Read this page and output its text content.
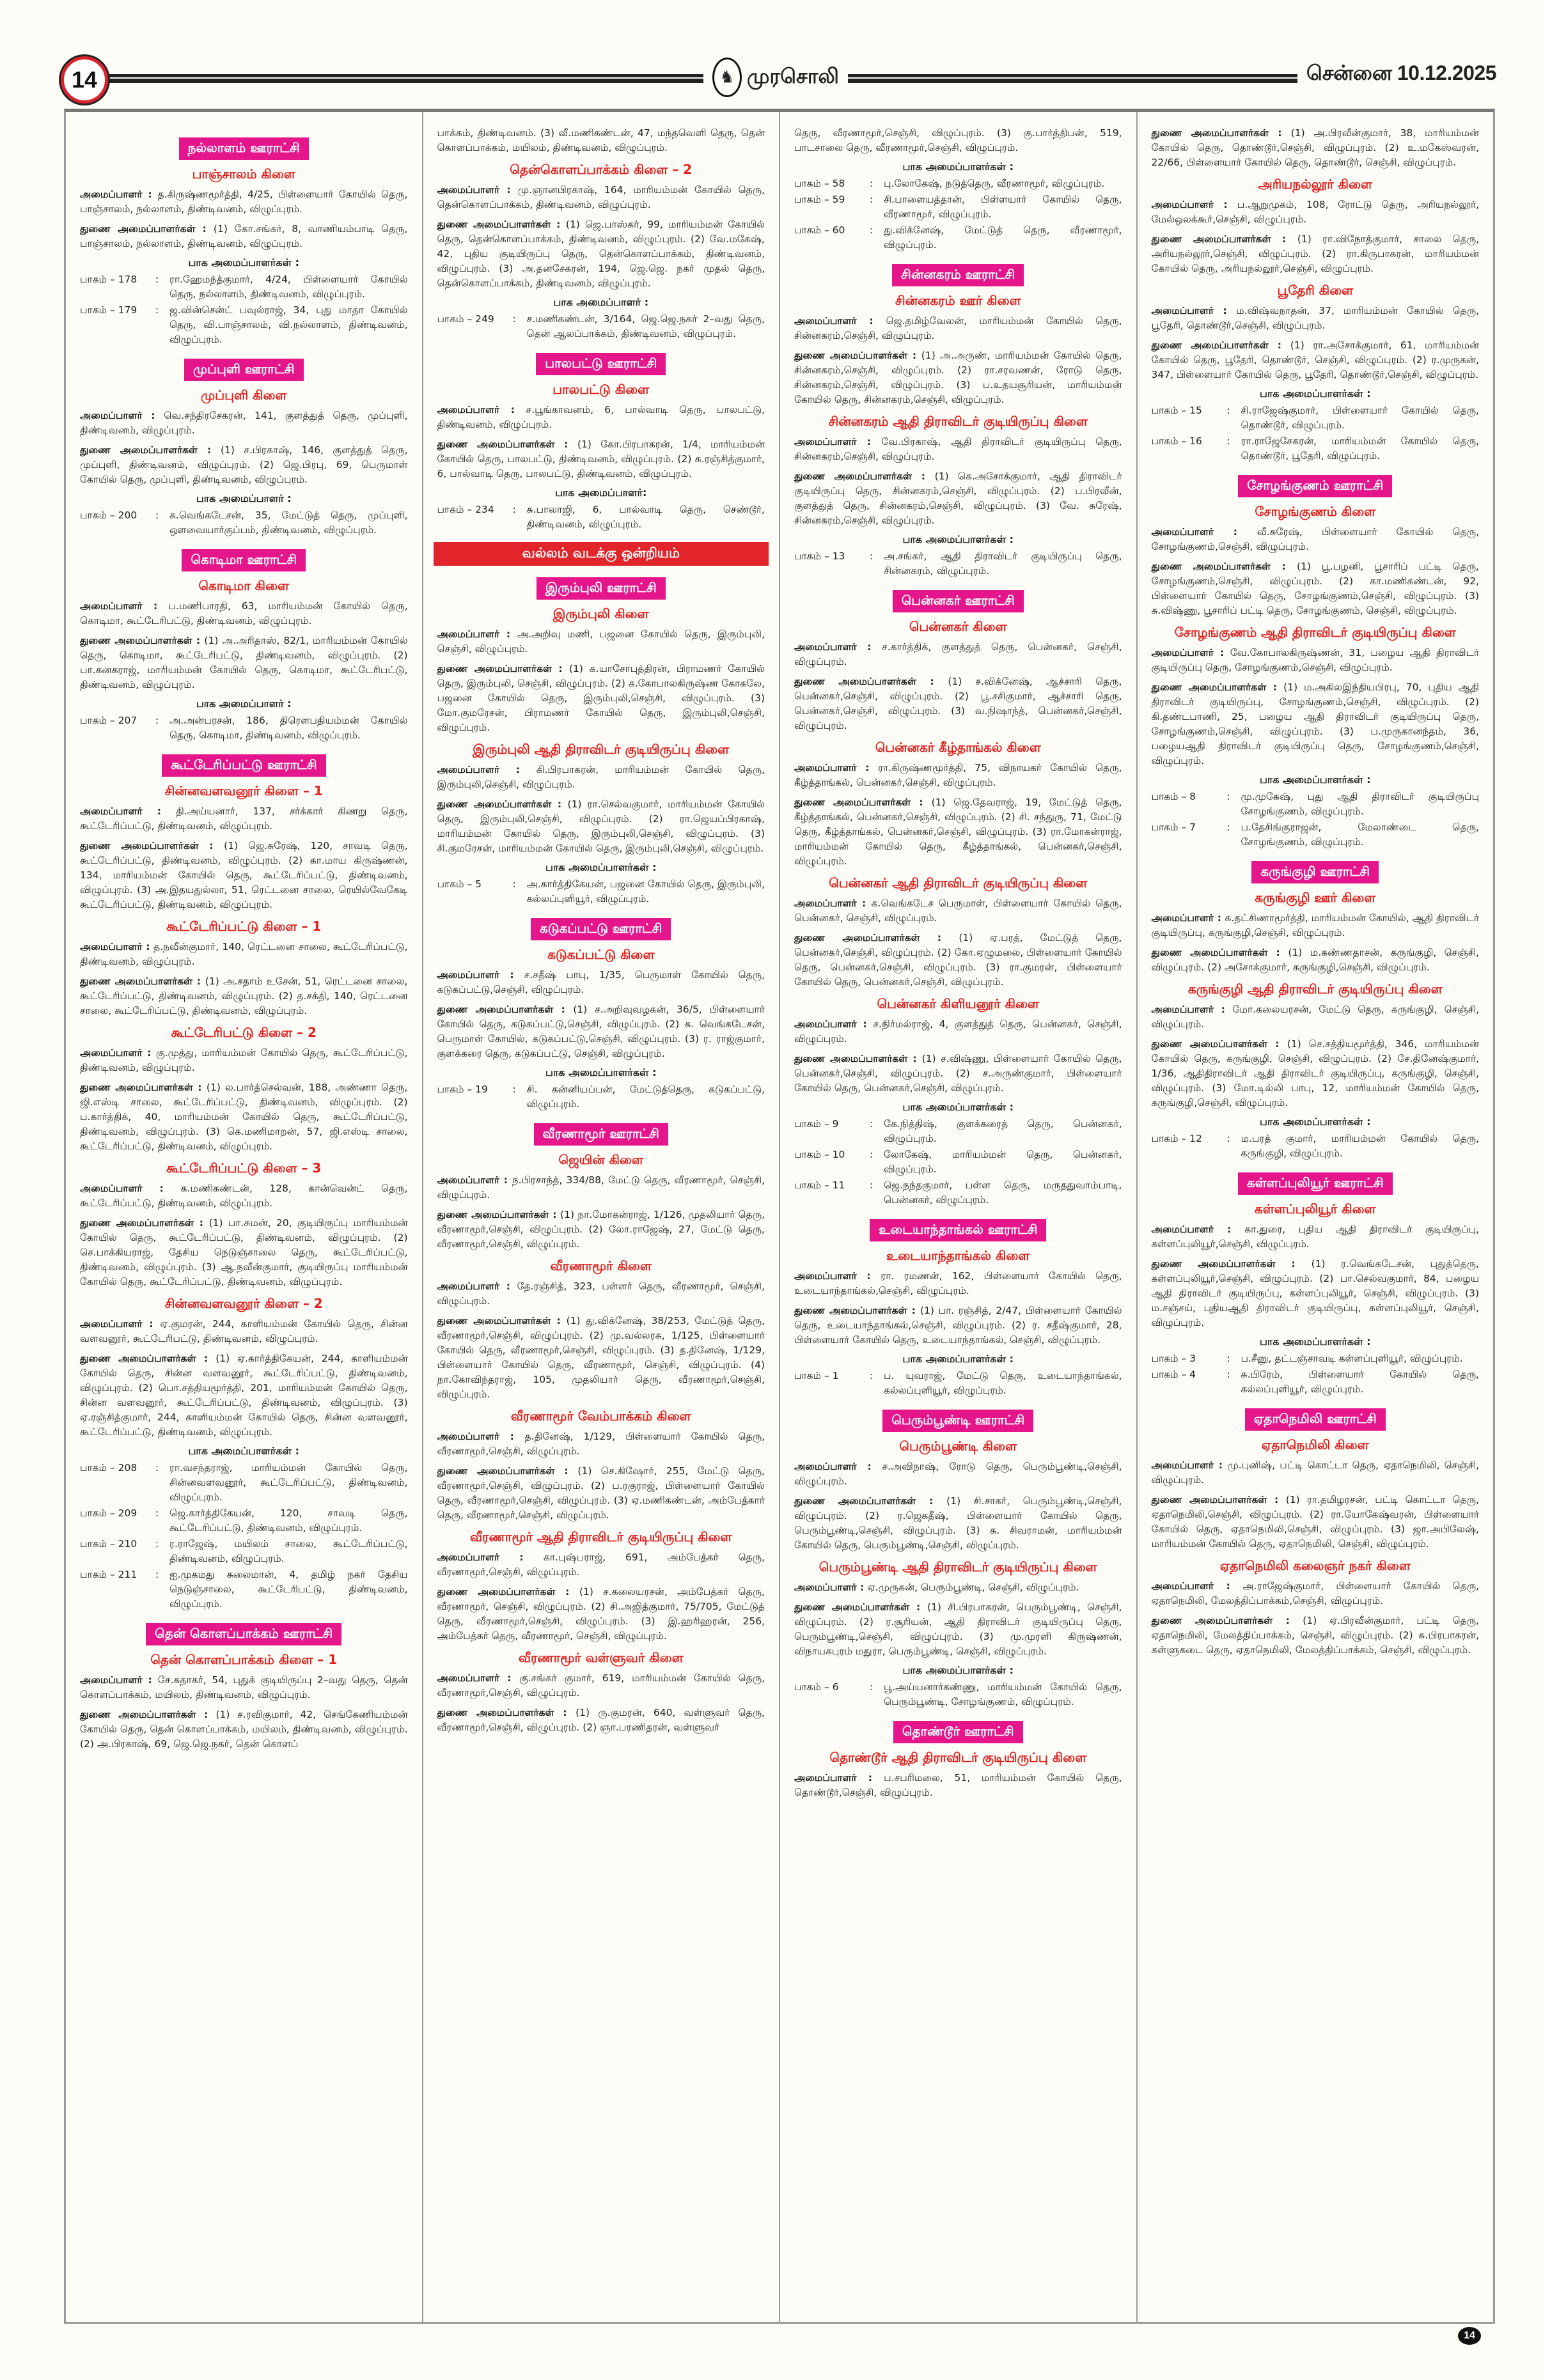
14	♞ முரசொலி	சென்னை 10.12.2025
நல்லாளம் ஊராட்சி
பாஞ்சாலம் கிளை
அமைப்பாளர் : த.கிருஷ்ணமூர்த்தி, 4/25, பிள்ளையார் கோயில் தெரு, பாஞ்சாலம், நல்லாளம், திண்டிவனம், விழுப்புரம்.
துணை அமைப்பாளர்கள் : (1) கோ.சங்கர், 8, வாணியம்பாடி தெரு, பாஞ்சாலம், நல்லாளம், திண்டிவனம், விழுப்புரம்.
பாக அமைப்பாளர்கள் :
பாகம் – 178	:	ரா.ஹேமந்த்குமார், 4/24, பிள்ளையார் கோயில் தெரு, நல்லாளம், திண்டிவனம், விழுப்புரம்.
பாகம் – 179	:	ஜ.வின்சென்ட் பவுல்ராஜ், 34, புது மாதா கோயில் தெரு, வி.பாஞ்சாலம், வி.நல்லாளம், திண்டிவனம், விழுப்புரம்.
முப்புளி ஊராட்சி
முப்புளி கிளை
அமைப்பாளர் : வெ.சந்திரசேகரன், 141, குளத்துத் தெரு, முப்புளி, திண்டிவனம், விழுப்புரம்.
துணை அமைப்பாளர்கள் : (1) ச.பிரகாஷ், 146, குளத்துத் தெரு, முப்புளி, திண்டிவனம், விழுப்புரம். (2) ஜெ.பிரபு, 69, பெருமாள் கோயில் தெரு, முப்புளி, திண்டிவனம், விழுப்புரம்.
பாக அமைப்பாளர் :
பாகம் – 200	:	க.வெங்கடேசன், 35, மேட்டுத் தெரு, முப்புளி, ஔவையார்குப்பம், திண்டிவனம், விழுப்புரம்.
கொடிமா ஊராட்சி
கொடிமா கிளை
அமைப்பாளர் : ப.மணிபாரதி, 63, மாரியம்மன் கோயில் தெரு, கொடிமா, கூட்டேரிபட்டு, திண்டிவனம், விழுப்புரம்.
துணை அமைப்பாளர்கள் : (1) அ.அரிதாஸ், 82/1, மாரியம்மன் கோயில் தெரு, கொடிமா, கூட்டேரிபட்டு, திண்டிவனம், விழுப்புரம். (2) பா.கனகராஜ், மாரியம்மன் கோயில் தெரு, கொடிமா, கூட்டேரிபட்டு, திண்டிவனம், விழுப்புரம்.
பாக அமைப்பாளர் :
பாகம் – 207	:	அ.அன்பரசன், 186, திரௌபதியம்மன் கோயில் தெரு, கொடிமா, திண்டிவனம், விழுப்புரம்.
கூட்டேரிப்பட்டு ஊராட்சி
சின்னவளவனூர் கிளை – 1
அமைப்பாளர் : தி.அய்யனார், 137, சர்க்கார் கிணறு தெரு, கூட்டேரிப்பட்டு, திண்டிவனம், விழுப்புரம்.
துணை அமைப்பாளர்கள் : (1) ஜெ.சுரேஷ், 120, சாவடி தெரு, கூட்டேரிப்பட்டு, திண்டிவனம், விழுப்புரம். (2) கா.மாய கிருஷ்ணன், 134, மாரியம்மன் கோயில் தெரு, கூட்டேரிப்பட்டு, திண்டிவனம், விழுப்புரம். (3) அ.இதயதுல்லா, 51, ரெட்டனை சாலை, ரெயில்வேகேடி கூட்டேரிப்பட்டு, திண்டிவனம், விழுப்புரம்.
கூட்டேரிப்பட்டு கிளை – 1
அமைப்பாளர் : த.நவீன்குமார், 140, ரெட்டனை சாலை, கூட்டேரிப்பட்டு, திண்டிவனம், விழுப்புரம்.
துணை அமைப்பாளர்கள் : (1) அ.சதாம் உசேன், 51, ரெட்டனை சாலை, கூட்டேரிப்பட்டு, திண்டிவனம், விழுப்புரம். (2) த.சக்தி, 140, ரெட்டனை சாலை, கூட்டேரிப்பட்டு, திண்டிவனம், விழுப்புரம்.
கூட்டேரிபட்டு கிளை – 2
அமைப்பாளர் : கு.முத்து, மாரியம்மன் கோயில் தெரு, கூட்டேரிப்பட்டு, திண்டிவனம், விழுப்புரம்.
துணை அமைப்பாளர்கள் : (1) ல.பார்த்செல்வன், 188, அண்ணா தெரு, ஜி.எஸ்டி சாலை, கூட்டேரிப்பட்டு, திண்டிவனம், விழுப்புரம். (2) ப.கார்த்திக், 40, மாரியம்மன் கோயில் தெரு, கூட்டேரிப்பட்டு, திண்டிவனம், விழுப்புரம். (3) கெ.மணிமாறன், 57, ஜி.எஸ்டி சாலை, கூட்டேரிப்பட்டு, திண்டிவனம், விழுப்புரம்.
கூட்டேரிப்பட்டு கிளை – 3
அமைப்பாளர் : க.மணிகண்டன், 128, கான்வென்ட் தெரு, கூட்டேரிப்பட்டு, திண்டிவனம், விழுப்புரம்.
துணை அமைப்பாளர்கள் : (1) பா.சுமன், 20, குடியிருப்பு மாரியம்மன் கோயில் தெரு, கூட்டேரிப்பட்டு, திண்டிவனம், விழுப்புரம். (2) செ.பாக்கியராஜ், தேசிய நெடுஞ்சாலை தெரு, கூட்டேரிப்பட்டு, திண்டிவனம், விழுப்புரம். (3) ஆ.நவீன்குமார், குடியிருப்பு மாரியம்மன் கோயில் தெரு, கூட்டேரிப்பட்டு, திண்டிவனம், விழுப்புரம்.
சின்னவளவனூர் கிளை – 2
அமைப்பாளர் : ஏ.குமரன், 244, காளியம்மன் கோயில் தெரு, சின்ன வளவனூர், கூட்டேரிபட்டு, திண்டிவனம், விழுப்புரம்.
துணை அமைப்பாளர்கள் : (1) ஏ.கார்த்திகேயன், 244, காளியம்மன் கோயில் தெரு, சின்ன வளவனூர், கூட்டேரிப்பட்டு, திண்டிவனம், விழுப்புரம். (2) பொ.சத்தியமூர்த்தி, 201, மாரியம்மன் கோயில் தெரு, சின்ன வளவனூர், கூட்டேரிப்பட்டு, திண்டிவனம், விழுப்புரம். (3) ஏ.ரஞ்சித்குமார், 244, காளியம்மன் கோயில் தெரு, சின்ன வளவனூர், கூட்டேரிப்பட்டு, திண்டிவனம், விழுப்புரம்.
பாக அமைப்பாளர்கள் :
பாகம் – 208	:	ரா.வசந்தராஜ், மாரியம்மன் கோயில் தெரு, சின்னவளவனூர், கூட்டேரிப்பட்டு, திண்டிவனம், விழுப்புரம்.
பாகம் – 209	:	ஜெ.கார்த்திகேயன், 120, சாவடி தெரு, கூட்டேரிப்பட்டு, திண்டிவனம், விழுப்புரம்.
பாகம் – 210	:	ர.ராஜேஷ், மயிலம் சாலை, கூட்டேரிப்பட்டு, திண்டிவனம், விழுப்புரம்.
பாகம் – 211	:	ஐ.முகமது சுலைமான், 4, தமிழ் நகர் தேசிய நெடுஞ்சாலை, கூட்டேரிபட்டு, திண்டிவனம், விழுப்புரம்.
தென் கொளப்பாக்கம் ஊராட்சி
தென் கொளப்பாக்கம் கிளை – 1
அமைப்பாளர் : சே.சுதாகர், 54, புதுக் குடியிருப்பு 2–வது தெரு, தென் கொளப்பாக்கம், மயிலம், திண்டிவனம், விழுப்புரம்.
துணை அமைப்பாளர்கள் : (1) ச.ரவிகுமார், 42, செங்கேணியம்மன் கோயில் தெரு, தென் கொளப்பாக்கம், மயிலம், திண்டிவனம், விழுப்புரம். (2) அ.பிரகாஷ், 69, ஜெ.ஜெ.நகர், தென் கொளப்
பாக்கம், திண்டிவனம். (3) வீ.மணிகண்டன், 47, மந்தவெளி தெரு, தென் கொளப்பாக்கம், மயிலம், திண்டிவனம், விழுப்புரம்.
தென்கொளப்பாக்கம் கிளை – 2
அமைப்பாளர் : மு.ஞானபிரகாஷ், 164, மாரியம்மன் கோயில் தெரு, தென்கொளப்பாக்கம், திண்டிவனம், விழுப்புரம்.
துணை அமைப்பாளர்கள் : (1) ஜெ.பாஸ்கர், 99, மாரியம்மன் கோயில் தெரு, தென்கொளப்பாக்கம், திண்டிவனம், விழுப்புரம். (2) வே.மகேஷ், 42, புதிய குடியிருப்பு தெரு, தென்கொளப்பாக்கம், திண்டிவனம், விழுப்புரம். (3) அ.தனசேகரன், 194, ஜெ.ஜெ. நகர் முதல் தெரு, தென்கொளப்பாக்கம், திண்டிவனம், விழுப்புரம்.
பாக அமைப்பாளர் :
பாகம் – 249	:	ச.மணிகண்டன், 3/164, ஜெ.ஜெ.நகர் 2–வது தெரு, தென் ஆலப்பாக்கம், திண்டிவனம், விழுப்புரம்.
பாலபட்டு ஊராட்சி
பாலபட்டு கிளை
அமைப்பாளர் : ச.பூங்காவனம், 6, பால்வாடி தெரு, பாலபட்டு, திண்டிவனம், விழுப்புரம்.
துணை அமைப்பாளர்கள் : (1) கோ.பிரபாகரன், 1/4, மாரியம்மன் கோயில் தெரு, பாலபட்டு, திண்டிவனம், விழுப்புரம். (2) சு.ரஞ்சித்குமார், 6, பால்வாடி தெரு, பாலபட்டு, திண்டிவனம், விழுப்புரம்.
பாக அமைப்பாளர்:
பாகம் – 234	:	சு.பாலாஜி, 6, பால்வாடி தெரு, செண்டூர், திண்டிவனம், விழுப்புரம்.
வல்லம் வடக்கு ஒன்றியம்
இரும்புலி ஊராட்சி
இரும்புலி கிளை
அமைப்பாளர் : அ.அறிவு மணி, பஜனை கோயில் தெரு, இரும்புலி, செஞ்சி, விழுப்புரம்.
துணை அமைப்பாளர்கள் : (1) க.யாசோபுத்திரன், பிராமணர் கோயில் தெரு, இரும்புலி, செஞ்சி, விழுப்புரம். (2) க.கோபாலகிருஷ்ண கோகலே, பஜனை கோயில் தெரு, இரும்புலி,செஞ்சி, விழுப்புரம். (3) மோ.குமரேசன், பிராமணர் கோயில் தெரு, இரும்புலி,செஞ்சி, விழுப்புரம்.
இரும்புலி ஆதி திராவிடர் குடியிருப்பு கிளை
அமைப்பாளர் : கி.பிரபாகரன், மாரியம்மன் கோயில் தெரு, இரும்புலி,செஞ்சி, விழுப்புரம்.
துணை அமைப்பாளர்கள் : (1) ரா.செல்வகுமார், மாரியம்மன் கோயில் தெரு, இரும்புலி,செஞ்சி, விழுப்புரம். (2) ரா.ஜெயப்பிரகாஷ், மாரியம்மன் கோயில் தெரு, இரும்புலி,செஞ்சி, விழுப்புரம். (3) சி.குமரேசன், மாரியம்மன் கோயில் தெரு, இரும்புலி,செஞ்சி, விழுப்புரம்.
பாக அமைப்பாளர்கள் :
பாகம் – 5	:	அ.கார்த்திகேயன், பஜனை கோயில் தெரு, இரும்புலி, கல்லப்புளியூர், விழுப்புரம்.
கடுகப்பட்டு ஊராட்சி
கடுகப்பட்டு கிளை
அமைப்பாளர் : ச.சதீஷ் பாபு, 1/35, பெருமாள் கோயில் தெரு, கடுகப்பட்டு,செஞ்சி, விழுப்புரம்.
துணை அமைப்பாளர்கள் : (1) ச.அறிவுவழகன், 36/5, பிள்ளையார் கோயில் தெரு, கடுகப்பட்டு,செஞ்சி, விழுப்புரம். (2) சு. வெங்கடேசன், பெருமாள் கோயில், கடுகப்பட்டு,செஞ்சி, விழுப்புரம். (3) ர. ராஜ்குமார், குளக்கரை தெரு, கடுகப்பட்டு, செஞ்சி, விழுப்புரம்.
பாக அமைப்பாளர்கள் :
பாகம் – 19	:	சி. கன்னியப்பன், மேட்டுத்தெரு, கடுகப்பட்டு, விழுப்புரம்.
வீரணாமூர் ஊராட்சி
ஜெயின் கிளை
அமைப்பாளர் : ந.பிரசாந்த், 334/88, மேட்டு தெரு, வீரணாமூர், செஞ்சி, விழுப்புரம்.
துணை அமைப்பாளர்கள் : (1) நா.மோகன்ராஜ், 1/126, முதலியார் தெரு, வீரணாமூர்,செஞ்சி, விழுப்புரம். (2) லோ.ராஜேஷ், 27, மேட்டு தெரு, வீரணாமூர்,செஞ்சி, விழுப்புரம்.
வீரணாமூர் கிளை
அமைப்பாளர் : தே.ரஞ்சித், 323, பள்ளர் தெரு, வீரணாமூர், செஞ்சி, விழுப்புரம்.
துணை அமைப்பாளர்கள் : (1) து.விக்னேஷ், 38/253, மேட்டுத் தெரு, வீரணாமூர்,செஞ்சி, விழுப்புரம். (2) மு.வல்லரசு, 1/125, பிள்ளையார் கோயில் தெரு, வீரணாமூர்,செஞ்சி, விழுப்புரம். (3) த.தினேஷ், 1/129, பிள்ளையார் கோயில் தெரு, வீரணாமூர், செஞ்சி, விழுப்புரம். (4) நா.கோவிந்தராஜ், 105, முதலியார் தெரு, வீரணாமூர்,செஞ்சி, விழுப்புரம்.
வீரணாமூர் வேம்பாக்கம் கிளை
அமைப்பாளர் : த.தினேஷ், 1/129, பிள்ளையார் கோயில் தெரு, வீரணாமூர்,செஞ்சி, விழுப்புரம்.
துணை அமைப்பாளர்கள் : (1) செ.கிஷோர், 255, மேட்டு தெரு, வீரணாமூர்,செஞ்சி, விழுப்புரம். (2) ப.ரகுராஜ், பிள்ளையார் கோயில் தெரு, வீரணாமூர்,செஞ்சி, விழுப்புரம். (3) ஏ.மணிகண்டன், அம்பேத்கார் தெரு, வீரணாமூர்,செஞ்சி, விழுப்புரம்.
வீரணாமூர் ஆதி திராவிடர் குடியிருப்பு கிளை
அமைப்பாளர் : கா.புஷ்பராஜ், 691, அம்பேத்கர் தெரு, வீரணாமூர்,செஞ்சி, விழுப்புரம்.
துணை அமைப்பாளர்கள் : (1) ச.கலையரசன், அம்பேத்கர் தெரு, வீரணாமூர், செஞ்சி, விழுப்புரம். (2) சி.அஜித்குமார், 75/705, மேட்டுத் தெரு, வீரணாமூர்,செஞ்சி, விழுப்புரம். (3) இ.ஹரிஹரன், 256, அம்பேத்கர் தெரு, வீரணாமூர், செஞ்சி, விழுப்புரம்.
வீரணாமூர் வள்ளுவர் கிளை
அமைப்பாளர் : கு.சங்கர் குமார், 619, மாரியம்மன் கோயில் தெரு, வீரணாமூர்,செஞ்சி, விழுப்புரம்.
துணை அமைப்பாளர்கள் : (1) ரு.குமரன், 640, வள்ளுவர் தெரு, வீரணாமூர்,செஞ்சி, விழுப்புரம். (2) ஞா.பரணிதரன், வள்ளுவர்
தெரு, வீரணாமூர்,செஞ்சி, விழுப்புரம். (3) கு.பார்த்திபன், 519, பாடசாலை தெரு, வீரணாமூர்,செஞ்சி, விழுப்புரம்.
பாக அமைப்பாளர்கள் :
பாகம் – 58	:	பு.லோகேஷ், நடுத்தெரு, வீரணாமூர், விழுப்புரம்.
பாகம் – 59	:	சி.பாளையத்தான், பிள்ளயார் கோயில் தெரு, வீரணாமூர், விழுப்புரம்.
பாகம் – 60	:	து.விக்னேஷ், மேட்டுத் தெரு, வீரணாமூர், விழுப்புரம்.
சின்னகரம் ஊராட்சி
சின்னகரம் ஊர் கிளை
அமைப்பாளர் : ஜெ.தமிழ்வேலன், மாரியம்மன் கோயில் தெரு, சின்னகரம்,செஞ்சி, விழுப்புரம்.
துணை அமைப்பாளர்கள் : (1) அ.அருண், மாரியம்மன் கோயில் தெரு, சின்னகரம்,செஞ்சி, விழுப்புரம். (2) ரா.சரவணன், ரோடு தெரு, சின்னகரம்,செஞ்சி, விழுப்புரம். (3) ப.உதயசூரியன், மாரியம்மன் கோயில் தெரு, சின்னகரம்,செஞ்சி, விழுப்புரம்.
சின்னகரம் ஆதி திராவிடர் குடியிருப்பு கிளை
அமைப்பாளர் : வே.பிரகாஷ், ஆதி திராவிடர் குடியிருப்பு தெரு, சின்னகரம்,செஞ்சி, விழுப்புரம்.
துணை அமைப்பாளர்கள் : (1) கெ.அசோக்குமார், ஆதி திராவிடர் குடியிருப்பு தெரு, சின்னகரம்,செஞ்சி, விழுப்புரம். (2) ப.பிரவீன், குளத்துத் தெரு, சின்னகரம்,செஞ்சி, விழுப்புரம். (3) வே. சுரேஷ், சின்னகரம்,செஞ்சி, விழுப்புரம்.
பாக அமைப்பாளர்கள் :
பாகம் – 13	:	அ.சங்கர், ஆதி திராவிடர் குடியிருப்பு தெரு, சின்னகரம், விழுப்புரம்.
பென்னகர் ஊராட்சி
பென்னகர் கிளை
அமைப்பாளர் : ச.கார்த்திக், குளத்துத் தெரு, பென்னகர், செஞ்சி, விழுப்புரம்.
துணை அமைப்பாளர்கள் : (1) ச.விக்னேஷ், ஆச்சாரி தெரு, பென்னகர்,செஞ்சி, விழுப்புரம். (2) பூ.சசிகுமார், ஆச்சாரி தெரு, பென்னகர்,செஞ்சி, விழுப்புரம். (3) வ.நிஷாந்த், பென்னகர்,செஞ்சி, விழுப்புரம்.
பென்னகர் கீழ்தாங்கல் கிளை
அமைப்பாளர் : ரா.கிருஷ்ணமூர்த்தி, 75, விநாயகர் கோயில் தெரு, கீழ்த்தாங்கல், பென்னகர்,செஞ்சி, விழுப்புரம்.
துணை அமைப்பாளர்கள் : (1) ஜெ.தேவராஜ், 19, மேட்டுத் தெரு, கீழ்த்தாங்கல், பென்னகர்,செஞ்சி, விழுப்புரம். (2) சி. சந்துரு, 71, மேட்டு தெரு, கீழ்த்தாங்கல், பென்னகர்,செஞ்சி, விழுப்புரம். (3) ரா.மோகன்ராஜ், மாரியம்மன் கோயில் தெரு, கீழ்த்தாங்கல், பென்னகர்,செஞ்சி, விழுப்புரம்.
பென்னகர் ஆதி திராவிடர் குடியிருப்பு கிளை
அமைப்பாளர் : க.வெங்கடேச பெருமாள், பிள்ளையார் கோயில் தெரு, பென்னகர், செஞ்சி, விழுப்புரம்.
துணை அமைப்பாளர்கள் : (1) ஏ.பரத், மேட்டுத் தெரு, பென்னகர்,செஞ்சி, விழுப்புரம். (2) கோ.ஏழுமலை, பிள்ளையார் கோயில் தெரு, பென்னகர்,செஞ்சி, விழுப்புரம். (3) ரா.குமரன், பிள்ளையார் கோயில் தெரு, பென்னகர்,செஞ்சி, விழுப்புரம்.
பென்னகர் கிளியனூர் கிளை
அமைப்பாளர் : ச.நிர்மல்ராஜ், 4, குளத்துத் தெரு, பென்னகர், செஞ்சி, விழுப்புரம்.
துணை அமைப்பாளர்கள் : (1) ச.விஷ்ணு, பிள்ளையார் கோயில் தெரு, பென்னகர்,செஞ்சி, விழுப்புரம். (2) ச.அருண்குமார், பிள்ளையார் கோயில் தெரு, பென்னகர்,செஞ்சி, விழுப்புரம்.
பாக அமைப்பாளர்கள் :
பாகம் – 9	:	கே.நித்திஷ், குளக்கரைத் தெரு, பென்னகர், விழுப்புரம்.
பாகம் – 10	:	லோகேஷ், மாரியம்மன் தெரு, பென்னகர், விழுப்புரம்.
பாகம் – 11	:	ஜெ.நந்தகுமார், பள்ள தெரு, மருததுவாம்பாடி, பென்னகர், விழுப்புரம்.
உடையாந்தாங்கல் ஊராட்சி
உடையாந்தாங்கல் கிளை
அமைப்பாளர் : ரா. ரமணன், 162, பிள்ளையார் கோயில் தெரு, உடையாந்தாங்கல்,செஞ்சி, விழுப்புரம்.
துணை அமைப்பாளர்கள் : (1) பா. ரஞ்சித், 2/47, பிள்ளையார் கோயில் தெரு, உடையாந்தாங்கல்,செஞ்சி, விழுப்புரம். (2) ர. சதீஷ்குமார், 28, பிள்ளையார் கோயில் தெரு, உடையாந்தாங்கல், செஞ்சி, விழுப்புரம்.
பாக அமைப்பாளர்கள் :
பாகம் – 1	:	ப. யுவராஜ், மேட்டு தெரு, உடையாந்தாங்கல், கல்லப்புளியூர், விழுப்புரம்.
பெரும்பூண்டி ஊராட்சி
பெரும்பூண்டி கிளை
அமைப்பாளர் : ச.அவிநாஷ், ரோடு தெரு, பெரும்பூண்டி,செஞ்சி, விழுப்புரம்.
துணை அமைப்பாளர்கள் : (1) சி.சாகர், பெரும்பூண்டி,செஞ்சி, விழுப்புரம். (2) ர.ஜெகதீஷ், பிள்ளையார் கோயில் தெரு, பெரும்பூண்டி,செஞ்சி, விழுப்புரம். (3) சு. சிவராமன், மாரியம்மன் கோயில் தெரு, பெரும்பூண்டி,செஞ்சி, விழுப்புரம்.
பெரும்பூண்டி ஆதி திராவிடர் குடியிருப்பு கிளை
அமைப்பாளர் : ஏ.முருகன், பெரும்பூண்டி, செஞ்சி, விழுப்புரம்.
துணை அமைப்பாளர்கள் : (1) சி.பிரபாகரன், பெரும்பூண்டி, செஞ்சி, விழுப்புரம். (2) ர.சூரியன், ஆதி திராவிடர் குடியிருப்பு தெரு, பெரும்பூண்டி,செஞ்சி, விழுப்புரம். (3) மு.முரளி கிருஷ்ணன், விநாயகபுரம் மதுரா, பெரும்பூண்டி, செஞ்சி, விழுப்புரம்.
பாக அமைப்பாளர்கள் :
பாகம் – 6	:	பூ.அய்யனார்கண்ணு, மாரியம்மன் கோயில் தெரு, பெரும்பூண்டி, சோழங்குணம், விழுப்புரம்.
தொண்டூர் ஊராட்சி
தொண்டூர் ஆதி திராவிடர் குடியிருப்பு கிளை
அமைப்பாளர் : ப.சபரிமலை, 51, மாரியம்மன் கோயில் தெரு, தொண்டூர்,செஞ்சி, விழுப்புரம்.
துணை அமைப்பாளர்கள் : (1) அ.பிரவீன்குமார், 38, மாரியம்மன் கோயில் தெரு, தொண்டூர்,செஞ்சி, விழுப்புரம். (2) உ.மகேஸ்வரன், 22/66, பிள்ளையார் கோயில் தெரு, தொண்டூர், செஞ்சி, விழுப்புரம்.
அரியநல்லூர் கிளை
அமைப்பாளர் : ப.ஆறுமுகம், 108, ரோட்டு தெரு, அரியநல்லூர், மேல்ஒலக்கூர்,செஞ்சி, விழுப்புரம்.
துணை அமைப்பாளர்கள் : (1) ரா.விநோத்குமார், சாலை தெரு, அரியநல்லூர்,செஞ்சி, விழுப்புரம். (2) ரா.கிருபாகரன், மாரியம்மன் கோயில் தெரு, அரியநல்லூர்,செஞ்சி, விழுப்புரம்.
பூதேரி கிளை
அமைப்பாளர் : ம.விஷ்வநாதன், 37, மாரியம்மன் கோயில் தெரு, பூதேரி, தொண்டூர்,செஞ்சி, விழுப்புரம்.
துணை அமைப்பாளர்கள் : (1) ரா.அசோக்குமார், 61, மாரியம்மன் கோயில் தெரு, பூதேரி, தொண்டூர், செஞ்சி, விழுப்புரம். (2) ர.முருகன், 347, பிள்ளையார் கோயில் தெரு, பூதேரி, தொண்டூர்,செஞ்சி, விழுப்புரம்.
பாக அமைப்பாளர்கள் :
பாகம் – 15	:	சி.ராஜேஷ்குமார், பிள்ளையார் கோயில் தெரு, தொண்டூர், விழுப்புரம்.
பாகம் – 16	:	ரா.ராஜேசேகரன், மாரியம்மன் கோயில் தெரு, தொண்டூர், பூதேரி, விழுப்புரம்.
சோழங்குணம் ஊராட்சி
சோழங்குணம் கிளை
அமைப்பாளர் : வீ.சுரேஷ், பிள்ளையார் கோயில் தெரு, சோழங்குணம்,செஞ்சி, விழுப்புரம்.
துணை அமைப்பாளர்கள் : (1) பூ.பழனி, பூசாரிப் பட்டி தெரு, சோழங்குணம்,செஞ்சி, விழுப்புரம். (2) கா.மணிகண்டன், 92, பிள்ளையார் கோயில் தெரு, சோழங்குணம்,செஞ்சி, விழுப்புரம். (3) சு.விஷ்ணு, பூசாரிப் பட்டி தெரு, சோழங்குணம், செஞ்சி, விழுப்புரம்.
சோழங்குணம் ஆதி திராவிடர் குடியிருப்பு கிளை
அமைப்பாளர் : வே.கோபாலகிருஷ்ணன், 31, பழைய ஆதி திராவிடர் குடியிருப்பு தெரு, சோழங்குணம்,செஞ்சி, விழுப்புரம்.
துணை அமைப்பாளர்கள் : (1) ம.அகிலஇந்தியபிரபு, 70, புதிய ஆதி திராவிடர் குடியிருப்பு, சோழங்குணம்,செஞ்சி, விழுப்புரம். (2) கி.தண்டபாணி, 25, பழைய ஆதி திராவிடர் குடியிருப்பு தெரு, சோழங்குணம்,செஞ்சி, விழுப்புரம். (3) ப.முருகானந்தம், 36, பழையஆதி திராவிடர் குடியிருப்பு தெரு, சோழங்குணம்,செஞ்சி, விழுப்புரம்.
பாக அமைப்பாளர்கள் :
பாகம் – 8	:	மு.முகேஷ், புது ஆதி திராவிடர் குடியிருப்பு சோழங்குணம், விழுப்புரம்.
பாகம் – 7	:	ப.தேசிங்குராஜன், மேலாண்டை தெரு, சோழங்குணம், விழுப்புரம்.
கருங்குழி ஊராட்சி
கருங்குழி ஊர் கிளை
அமைப்பாளர் : க.தட்சிணாமூர்த்தி, மாரியம்மன் கோயில், ஆதி திராவிடர் குடியிருப்பு, கருங்குழி,செஞ்சி, விழுப்புரம்.
துணை அமைப்பாளர்கள் : (1) ம.கண்ணதாசன், கருங்குழி, செஞ்சி, விழுப்புரம். (2) அசோக்குமார், கருங்குழி,செஞ்சி, விழுப்புரம்.
கருங்குழி ஆதி திராவிடர் குடியிருப்பு கிளை
அமைப்பாளர் : மோ.கலையரசன், மேட்டு தெரு, கருங்குழி, செஞ்சி, விழுப்புரம்.
துணை அமைப்பாளர்கள் : (1) செ.சத்தியமூர்த்தி, 346, மாரியம்மன் கோயில் தெரு, கருங்குழி, செஞ்சி, விழுப்புரம். (2) சே.தினேஷ்குமார், 1/36, ஆதிதிராவிடர் ஆதி திராவிடர் குடியிருப்பு, கருங்குழி, செஞ்சி, விழுப்புரம். (3) மோ.டில்லி பாபு, 12, மாரியம்மன் கோயில் தெரு, கருங்குழி,செஞ்சி, விழுப்புரம்.
பாக அமைப்பாளர்கள் :
பாகம் – 12	:	ம.பரத் குமார், மாரியம்மன் கோயில் தெரு, கருங்குழி, விழுப்புரம்.
கள்ளப்புலியூர் ஊராட்சி
கள்ளப்புலியூர் கிளை
அமைப்பாளர் : கா.துரை, புதிய ஆதி திராவிடர் குடியிருப்பு, கள்ளப்புலியூர்,செஞ்சி, விழுப்புரம்.
துணை அமைப்பாளர்கள் : (1) ர.வெங்கடேசன், புதுத்தெரு, கள்ளப்புலியூர்,செஞ்சி, விழுப்புரம். (2) பா.செல்வகுமார், 84, பழைய ஆதி திராவிடர் குடியிருப்பு, கள்ளப்புலியூர், செஞ்சி, விழுப்புரம். (3) ம.சஞ்சய், புதியஆதி திராவிடர் குடியிருப்பு, கள்ளப்புலியூர், செஞ்சி, விழுப்புரம்.
பாக அமைப்பாளர்கள் :
பாகம் – 3	:	ப.சீனு, தட்டஞ்சாவடி கள்ளப்புளியூர், விழுப்புரம்.
பாகம் – 4	:	சு.பிரேம், பிள்ளையார் கோயில் தெரு, கல்லப்புளியூர், விழுப்புரம்.
ஏதாநெமிலி ஊராட்சி
ஏதாநெமிலி கிளை
அமைப்பாளர் : மு.புனிஷ், பட்டி கொட்டா தெரு, ஏதாநெமிலி, செஞ்சி, விழுப்புரம்.
துணை அமைப்பாளர்கள் : (1) ரா.தமிழரசன், பட்டி கொட்டா தெரு, ஏதாநெமிலி,செஞ்சி, விழுப்புரம். (2) ரா.யோகேஷ்வரன், பிள்ளையார் கோயில் தெரு, ஏதாநெமிலி,செஞ்சி, விழுப்புரம். (3) ஜா.அபிலேஷ், மாரியம்மன் கோயில் தெரு, ஏதாநெமிலி, செஞ்சி, விழுப்புரம்.
ஏதாநெமிலி கலைஞர் நகர் கிளை
அமைப்பாளர் : அ.ராஜேஷ்குமார், பிள்ளையார் கோயில் தெரு, ஏதாநெமிலி, மேலத்திப்பாக்கம்,செஞ்சி, விழுப்புரம்.
துணை அமைப்பாளர்கள் : (1) ஏ.பிரவீன்குமார், பட்டி தெரு, ஏதாநெமிலி, மேலத்திப்பாக்கம், செஞ்சி, விழுப்புரம். (2) சு.பிரபாகரன், கள்ளுகடை தெரு, ஏதாநெமிலி, மேலத்திப்பாக்கம், செஞ்சி, விழுப்புரம்.
14
